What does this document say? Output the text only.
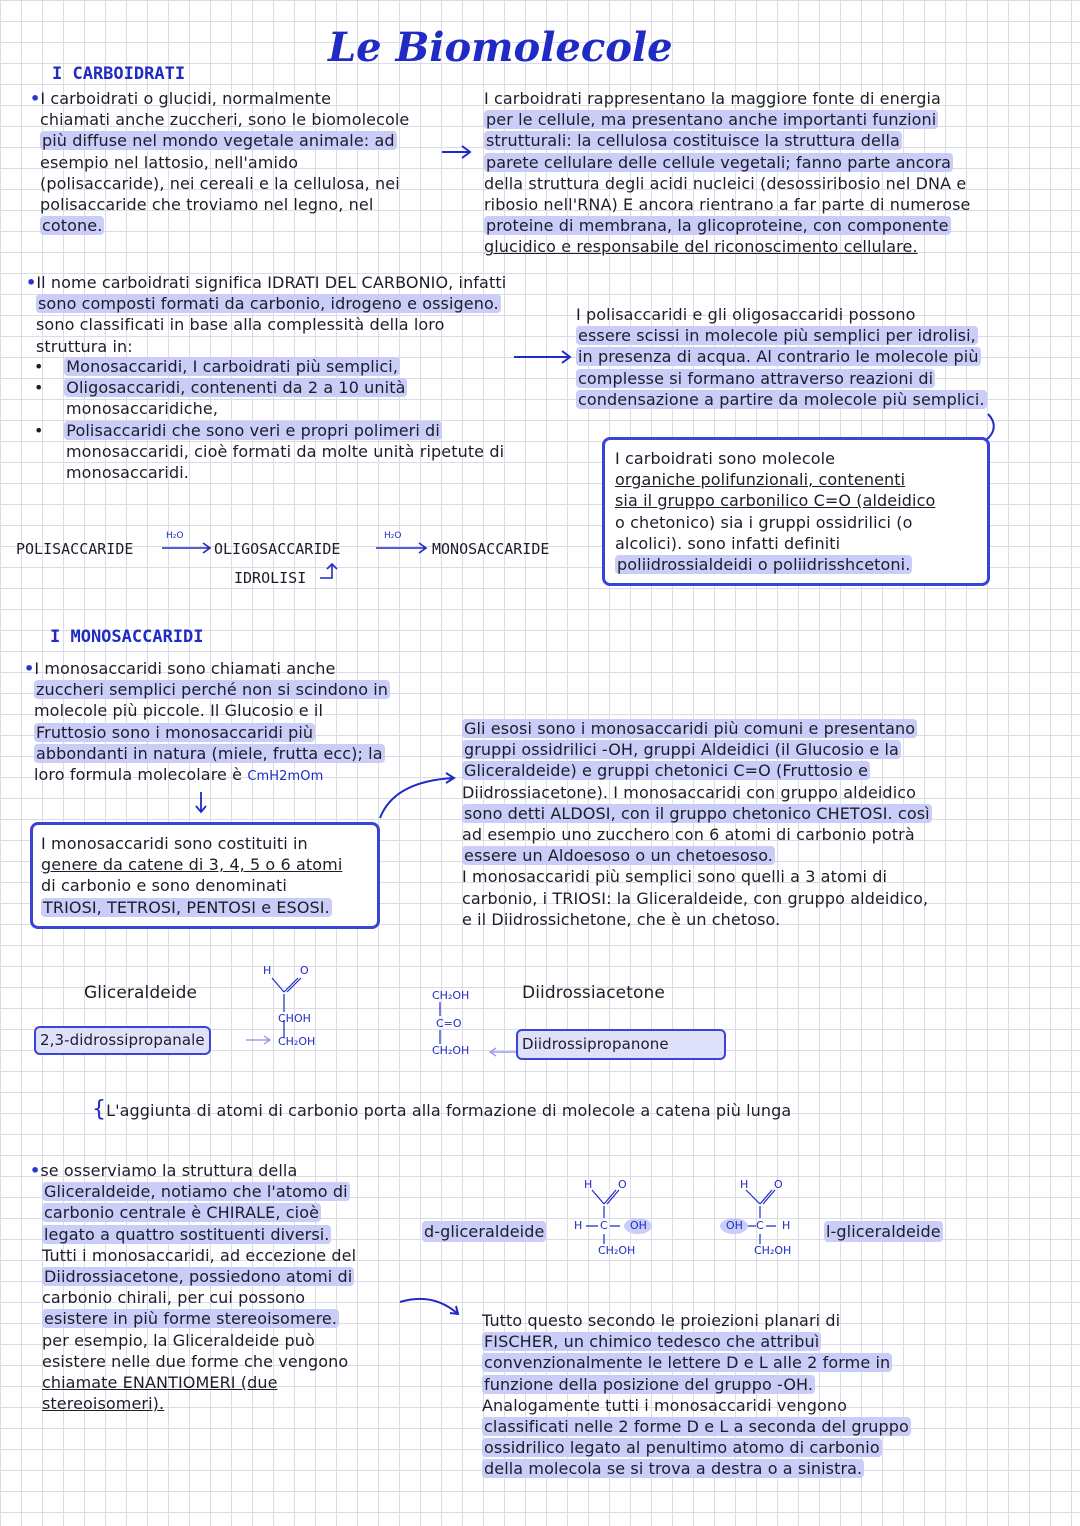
Le Biomolecole
I CARBOIDRATI
•I carboidrati o glucidi, normalmente
chiamati anche zuccheri, sono le biomolecole
più diffuse nel mondo vegetale animale: ad
esempio nel lattosio, nell'amido
(polisaccaride), nei cereali e la cellulosa, nei
polisaccaride che troviamo nel legno, nel
cotone.
I carboidrati rappresentano la maggiore fonte di energia
per le cellule, ma presentano anche importanti funzioni
strutturali: la cellulosa costituisce la struttura della
parete cellulare delle cellule vegetali; fanno parte ancora
della struttura degli acidi nucleici (desossiribosio nel DNA e
ribosio nell'RNA) E ancora rientrano a far parte di numerose
proteine di membrana, la glicoproteine, con componente
glucidico e responsabile del riconoscimento cellulare.
•Il nome carboidrati significa IDRATI DEL CARBONIO, infatti
sono composti formati da carbonio, idrogeno e ossigeno.
sono classificati in base alla complessità della loro
struttura in:
•    Monosaccaridi, I carboidrati più semplici,
•    Oligosaccaridi, contenenti da 2 a 10 unità
monosaccaridiche,
•    Polisaccaridi che sono veri e propri polimeri di
monosaccaridi, cioè formati da molte unità ripetute di
monosaccaridi.
I polisaccaridi e gli oligosaccaridi possono
essere scissi in molecole più semplici per idrolisi,
in presenza di acqua. Al contrario le molecole più
complesse si formano attraverso reazioni di
condensazione a partire da molecole più semplici.
I carboidrati sono molecole
organiche polifunzionali, contenenti
sia il gruppo carbonilico C=O (aldeidico
o chetonico) sia i gruppi ossidrilici (o
alcolici). sono infatti definiti
poliidrossialdeidi o poliidrisshcetoni.
POLISACCARIDE
H₂O
OLIGOSACCARIDE
H₂O
MONOSACCARIDE
IDROLISI
I MONOSACCARIDI
•I monosaccaridi sono chiamati anche
zuccheri semplici perché non si scindono in
molecole più piccole. Il Glucosio e il
Fruttosio sono i monosaccaridi più
abbondanti in natura (miele, frutta ecc); la
loro formula molecolare è CmH2mOm
I monosaccaridi sono costituiti in
genere da catene di 3, 4, 5 o 6 atomi
di carbonio e sono denominati
TRIOSI, TETROSI, PENTOSI e ESOSI.
Gli esosi sono i monosaccaridi più comuni e presentano
gruppi ossidrilici -OH, gruppi Aldeidici (il Glucosio e la
Gliceraldeide) e gruppi chetonici C=O (Fruttosio e
Diidrossiacetone). I monosaccaridi con gruppo aldeidico
sono detti ALDOSI, con il gruppo chetonico CHETOSI. così
ad esempio uno zucchero con 6 atomi di carbonio potrà
essere un Aldoesoso o un chetoesoso.
I monosaccaridi più semplici sono quelli a 3 atomi di
carbonio, i TRIOSI: la Gliceraldeide, con gruppo aldeidico,
e il Diidrossichetone, che è un chetoso.
Gliceraldeide
2,3-didrossipropanale
H	O
CHOH
CH₂OH
CH₂OH
C=O
CH₂OH
Diidrossiacetone
Diidrossipropanone
{L'aggiunta di atomi di carbonio porta alla formazione di molecole a catena più lunga
•se osserviamo la struttura della
Gliceraldeide, notiamo che l'atomo di
carbonio centrale è CHIRALE, cioè
legato a quattro sostituenti diversi.
Tutti i monosaccaridi, ad eccezione del
Diidrossiacetone, possiedono atomi di
carbonio chirali, per cui possono
esistere in più forme stereoisomere.
per esempio, la Gliceraldeide può
esistere nelle due forme che vengono
chiamate ENANTIOMERI (due
stereoisomeri).
d-gliceraldeide
H O
H C OH
CH₂OH
H O
OH C H
CH₂OH
l-gliceraldeide
Tutto questo secondo le proiezioni planari di
FISCHER, un chimico tedesco che attribuì
convenzionalmente le lettere D e L alle 2 forme in
funzione della posizione del gruppo -OH.
Analogamente tutti i monosaccaridi vengono
classificati nelle 2 forme D e L a seconda del gruppo
ossidrilico legato al penultimo atomo di carbonio
della molecola se si trova a destra o a sinistra.
